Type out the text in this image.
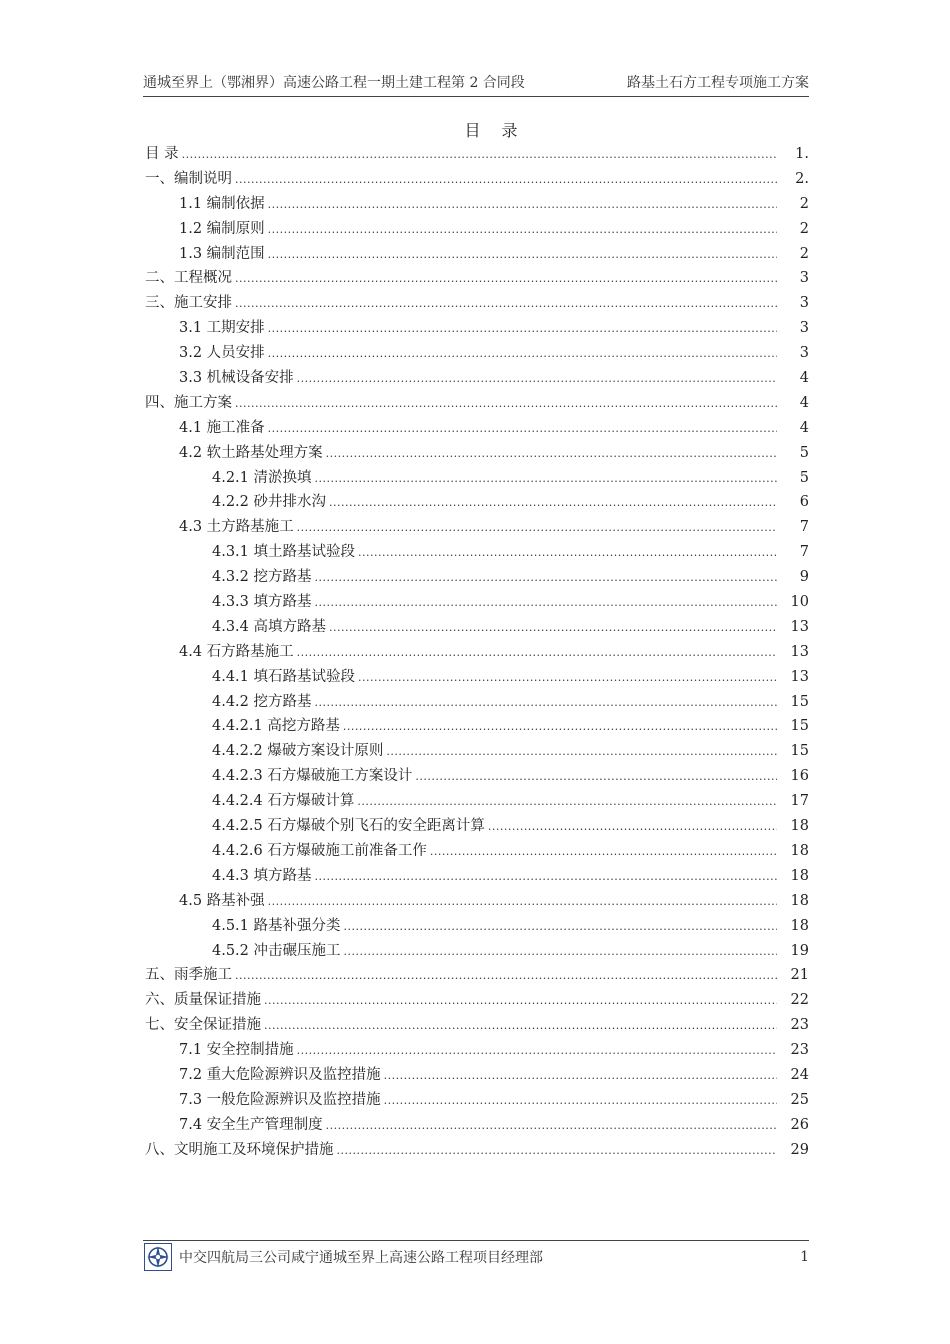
通城至界上（鄂湘界）高速公路工程一期土建工程第 2 合同段	路基土石方工程专项施工方案
目 录
目 录 .....	1.
一、编制说明 .....	2.
1.1 编制依据 .....	2
1.2 编制原则 .....	2
1.3 编制范围 .....	2
二、工程概况 .....	3
三、施工安排 .....	3
3.1 工期安排 .....	3
3.2 人员安排 .....	3
3.3 机械设备安排 .....	4
四、施工方案 .....	4
4.1 施工准备 .....	4
4.2 软土路基处理方案 .....	5
4.2.1 清淤换填 .....	5
4.2.2 砂井排水沟 .....	6
4.3 土方路基施工 .....	7
4.3.1 填土路基试验段 .....	7
4.3.2 挖方路基 .....	9
4.3.3 填方路基 .....	10
4.3.4 高填方路基 .....	13
4.4 石方路基施工 .....	13
4.4.1 填石路基试验段 .....	13
4.4.2 挖方路基 .....	15
4.4.2.1 高挖方路基 .....	15
4.4.2.2 爆破方案设计原则 .....	15
4.4.2.3 石方爆破施工方案设计 .....	16
4.4.2.4 石方爆破计算 .....	17
4.4.2.5 石方爆破个别飞石的安全距离计算 .....	18
4.4.2.6 石方爆破施工前准备工作 .....	18
4.4.3 填方路基 .....	18
4.5 路基补强 .....	18
4.5.1 路基补强分类 .....	18
4.5.2 冲击碾压施工 .....	19
五、雨季施工 .....	21
六、质量保证措施 .....	22
七、安全保证措施 .....	23
7.1 安全控制措施 .....	23
7.2 重大危险源辨识及监控措施 .....	24
7.3 一般危险源辨识及监控措施 .....	25
7.4 安全生产管理制度 .....	26
八、文明施工及环境保护措施 .....	29
中交四航局三公司咸宁通城至界上高速公路工程项目经理部	1
